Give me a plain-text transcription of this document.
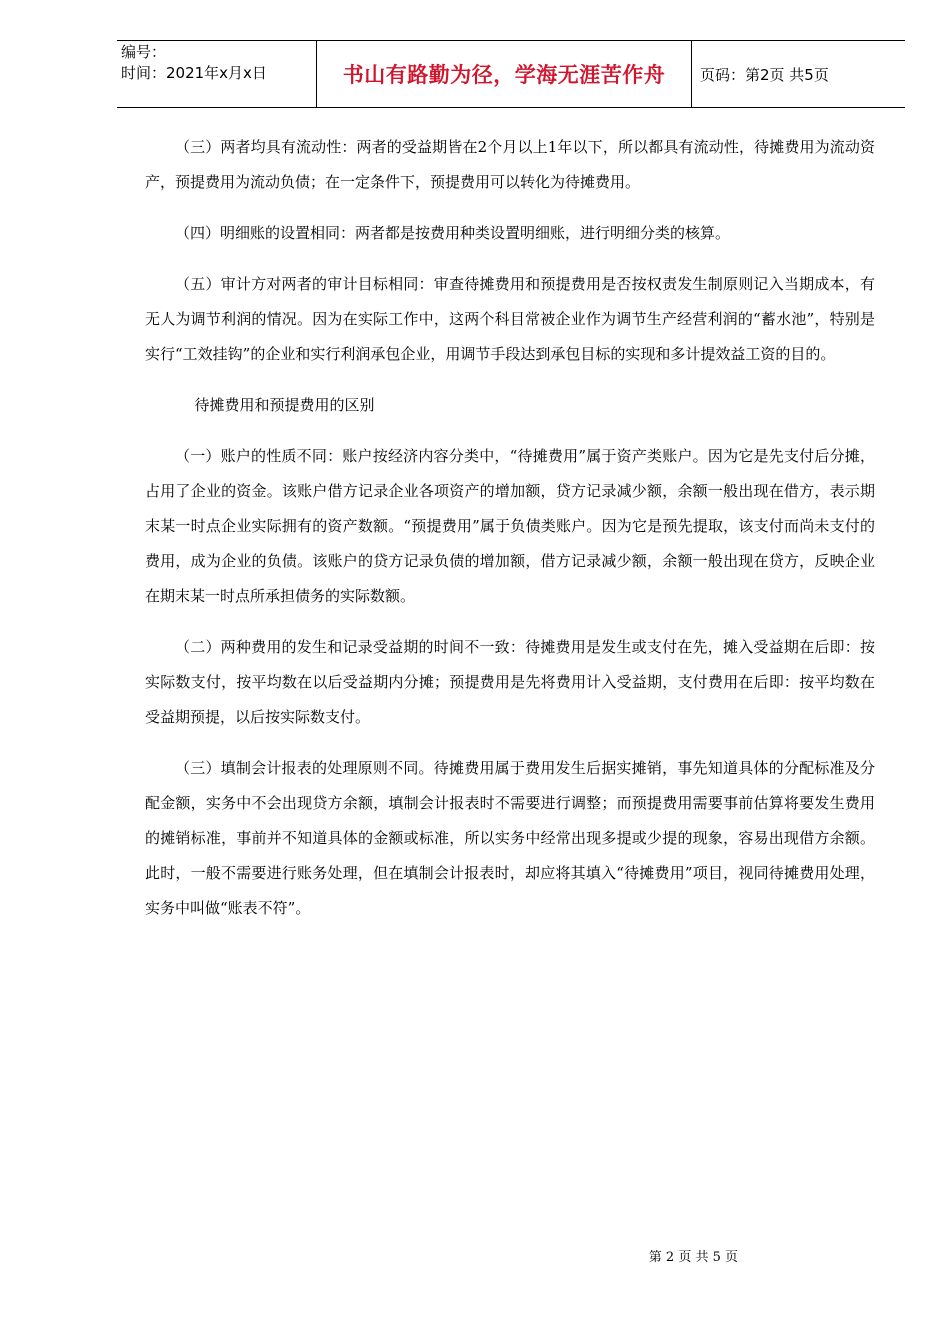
编号：
时间：2021年x月x日	书山有路勤为径，学海无涯苦作舟	页码：第2页 共5页

（三）两者均具有流动性：两者的受益期皆在2个月以上1年以下，所以都具有流动性，待摊费用为流动资产，预提费用为流动负债；在一定条件下，预提费用可以转化为待摊费用。

（四）明细账的设置相同：两者都是按费用种类设置明细账，进行明细分类的核算。

（五）审计方对两者的审计目标相同：审查待摊费用和预提费用是否按权责发生制原则记入当期成本，有无人为调节利润的情况。因为在实际工作中，这两个科目常被企业作为调节生产经营利润的“蓄水池”，特别是实行“工效挂钩”的企业和实行利润承包企业，用调节手段达到承包目标的实现和多计提效益工资的目的。

待摊费用和预提费用的区别

（一）账户的性质不同：账户按经济内容分类中，“待摊费用”属于资产类账户。因为它是先支付后分摊，占用了企业的资金。该账户借方记录企业各项资产的增加额，贷方记录减少额，余额一般出现在借方，表示期末某一时点企业实际拥有的资产数额。“预提费用”属于负债类账户。因为它是预先提取，该支付而尚未支付的费用，成为企业的负债。该账户的贷方记录负债的增加额，借方记录减少额，余额一般出现在贷方，反映企业在期末某一时点所承担债务的实际数额。

（二）两种费用的发生和记录受益期的时间不一致：待摊费用是发生或支付在先，摊入受益期在后即：按实际数支付，按平均数在以后受益期内分摊；预提费用是先将费用计入受益期，支付费用在后即：按平均数在受益期预提，以后按实际数支付。

（三）填制会计报表的处理原则不同。待摊费用属于费用发生后据实摊销，事先知道具体的分配标准及分配金额，实务中不会出现贷方余额，填制会计报表时不需要进行调整；而预提费用需要事前估算将要发生费用的摊销标准，事前并不知道具体的金额或标准，所以实务中经常出现多提或少提的现象，容易出现借方余额。此时，一般不需要进行账务处理，但在填制会计报表时，却应将其填入“待摊费用”项目，视同待摊费用处理，实务中叫做“账表不符”。

第 2 页 共 5 页
